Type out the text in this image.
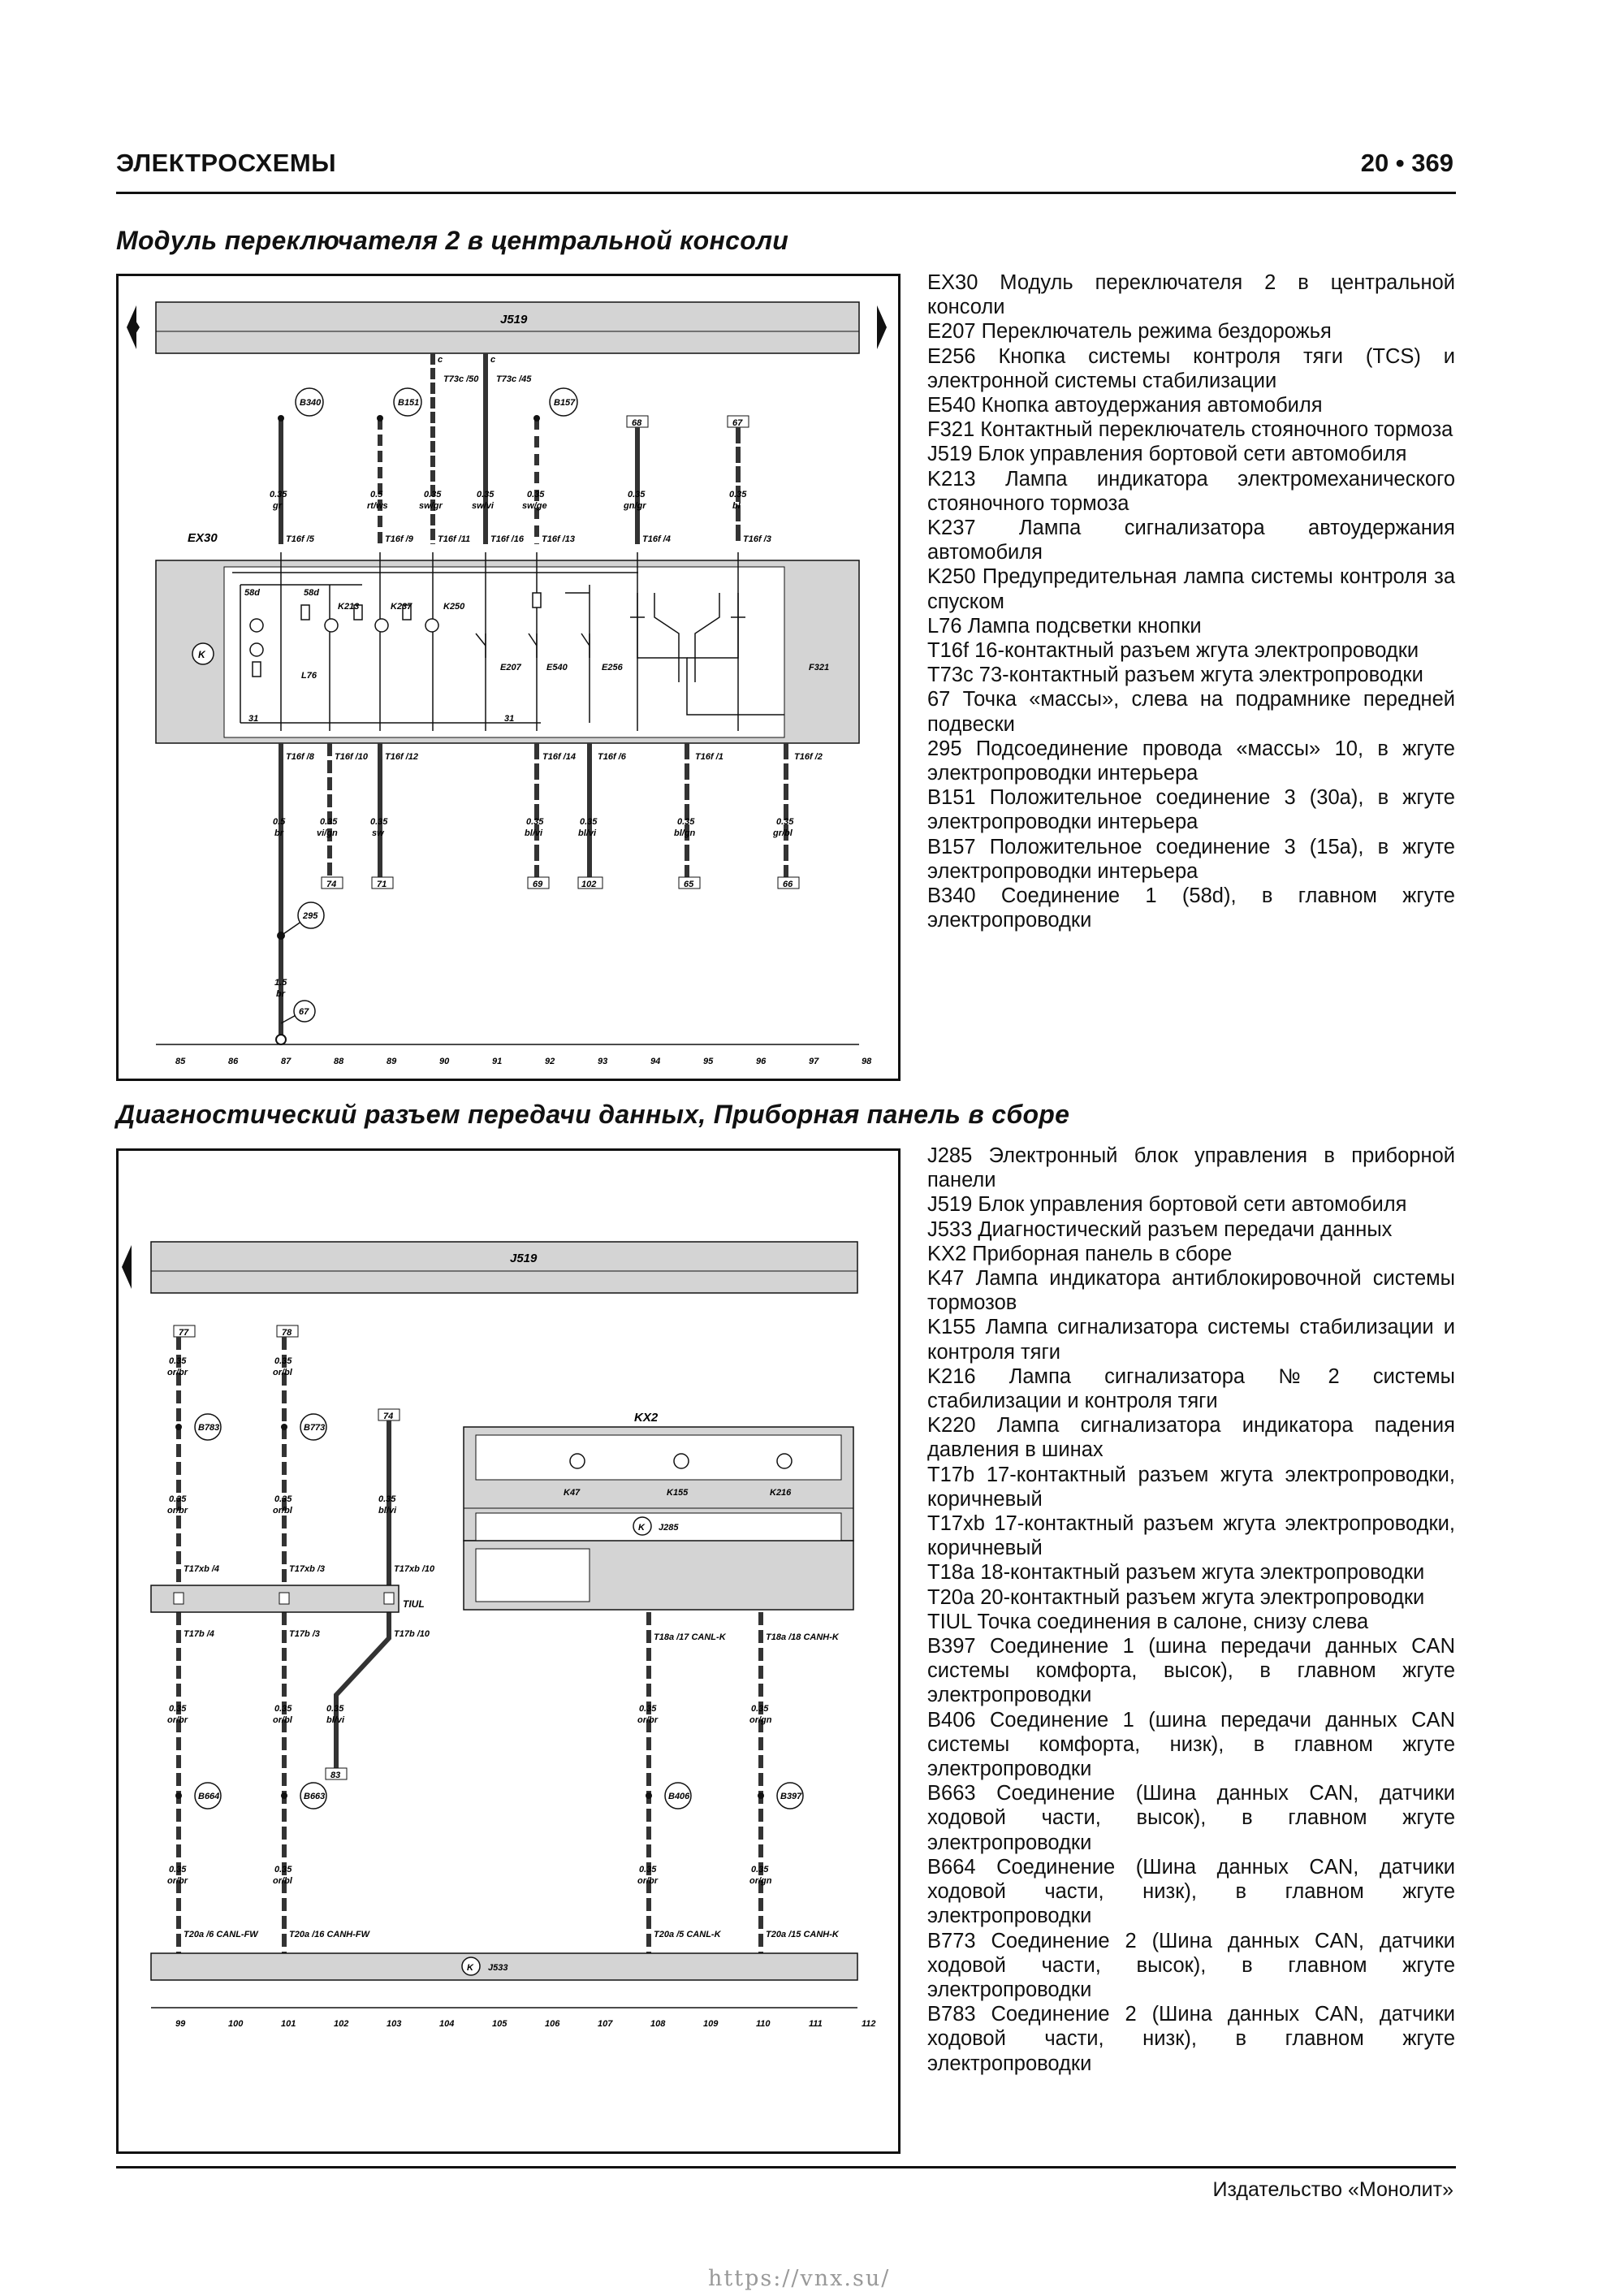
ЭЛЕКТРОСХЕМЫ	20 • 369
Модуль переключателя 2 в центральной консоли
J519
c	c
T73c /50 T73c /45
B340	B151	B157
68	67
0.35
gr
0.5
rt/ws
0.35
sw/gr
0.35
sw/vi
0.35
sw/ge
0.35
gn/gr
0.35
bl
T16f /5	T16f /9	T16f /11 T16f /16 T16f /13	T16f /4	T16f /3
EX30
K
58d	58d
K213	K237	K250
L76
E207	E540	E256	F321
31	31
T16f /8 T16f /10 T16f /12	T16f /14 T16f /6	T16f /1	T16f /2
0.5
br
0.35
vi/gn
0.35
sw
0.35
bl/vi
0.35
bl/vi
0.35
bl/gn
0.35
gr/bl
74	71	69	102	65	66
295
1.5
br
67
85	86	87	88	89	90	91	92	93	94	95	96	97	98
EX30 Модуль переключателя 2 в центральной консоли
E207 Переключатель режима бездорожья
E256 Кнопка системы контроля тяги (TCS) и электронной системы стабилизации
E540 Кнопка автоудержания автомобиля
F321 Контактный переключатель стояночного тормоза
J519 Блок управления бортовой сети автомобиля
K213 Лампа индикатора электромеханического стояночного тормоза
K237 Лампа сигнализатора автоудержания автомобиля
K250 Предупредительная лампа системы контроля за спуском
L76 Лампа подсветки кнопки
T16f 16-контактный разъем жгута электропроводки
T73c 73-контактный разъем жгута электропроводки
67 Точка «массы», слева на подрамнике передней подвески
295 Подсоединение провода «массы» 10, в жгуте электропроводки интерьера
B151 Положительное соединение 3 (30a), в жгуте электропроводки интерьера
B157 Положительное соединение 3 (15a), в жгуте электропроводки интерьера
B340 Соединение 1 (58d), в главном жгуте электропроводки
Диагностический разъем передачи данных, Приборная панель в сборе
J519
77	78
74
0.35
or/br
0.35
or/bl
B783	B773
0.35
or/br
0.35
or/bl
0.35
bl/vi
T17xb /4	T17xb /3	T17xb /10
TIUL
T17b /4	T17b /3	T17b /10
KX2
K47	K155	K216
K J285
T18a /17 CANL-K	T18a /18 CANH-K
0.35
or/br
0.35
or/bl
0.35
bl/vi
0.35
or/br
0.35
or/gn
83
B664	B663	B406	B397
0.35
or/br
0.35
or/bl
0.35
or/br
0.35
or/gn
T20a /6 CANL-FW	T20a /16 CANH-FW	T20a /5 CANL-K	T20a /15 CANH-K
K J533
99	100	101	102	103	104	105	106	107	108	109	110	111	112
J285 Электронный блок управления в приборной панели
J519 Блок управления бортовой сети автомобиля
J533 Диагностический разъем передачи данных
KX2 Приборная панель в сборе
K47 Лампа индикатора антиблокировочной системы тормозов
K155 Лампа сигнализатора системы стабилизации и контроля тяги
K216 Лампа сигнализатора №2 системы стабилизации и контроля тяги
K220 Лампа сигнализатора индикатора падения давления в шинах
T17b 17-контактный разъем жгута электропроводки, коричневый
T17xb 17-контактный разъем жгута электропроводки, коричневый
T18a 18-контактный разъем жгута электропроводки
T20a 20-контактный разъем жгута электропроводки
TIUL Точка соединения в салоне, снизу слева
B397 Соединение 1 (шина передачи данных CAN системы комфорта, высок), в главном жгуте электропроводки
B406 Соединение 1 (шина передачи данных CAN системы комфорта, низк), в главном жгуте электропроводки
B663 Соединение (Шина данных CAN, датчики ходовой части, высок), в главном жгуте электропроводки
B664 Соединение (Шина данных CAN, датчики ходовой части, низк), в главном жгуте электропроводки
B773 Соединение 2 (Шина данных CAN, датчики ходовой части, высок), в главном жгуте электропроводки
B783 Соединение 2 (Шина данных CAN, датчики ходовой части, низк), в главном жгуте электропроводки
Издательство «Монолит»
https://vnx.su/
